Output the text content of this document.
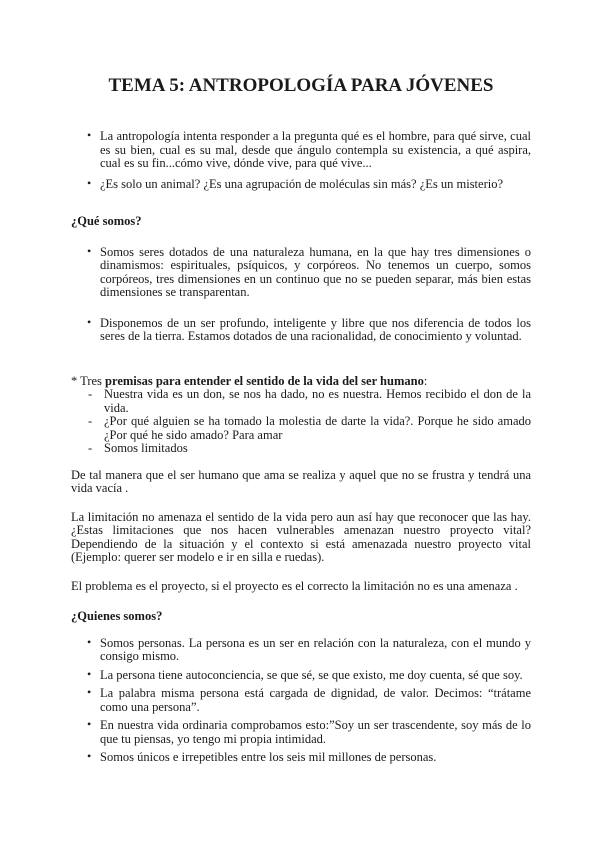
TEMA 5: ANTROPOLOGÍA PARA JÓVENES
• La antropología intenta responder a la pregunta qué es el hombre, para qué sirve, cual es su bien, cual es su mal, desde que ángulo contempla su existencia, a qué aspira, cual es su fin...cómo vive, dónde vive, para qué vive...
• ¿Es solo un animal? ¿Es una agrupación de moléculas sin más? ¿Es un misterio?
¿Qué somos?
• Somos seres dotados de una naturaleza humana, en la que hay tres dimensiones o dinamismos: espirituales, psíquicos, y corpóreos. No tenemos un cuerpo, somos corpóreos, tres dimensiones en un continuo que no se pueden separar, más bien estas dimensiones se transparentan.
• Disponemos de un ser profundo, inteligente y libre que nos diferencia de todos los seres de la tierra. Estamos dotados de una racionalidad, de conocimiento y voluntad.

* Tres premisas para entender el sentido de la vida del ser humano:

- Nuestra vida es un don, se nos ha dado, no es nuestra. Hemos recibido el don de la vida.
- ¿Por qué alguien se ha tomado la molestia de darte la vida?. Porque he sido amado ¿Por qué he sido amado? Para amar
- Somos limitados

De tal manera que el ser humano que ama se realiza y aquel que no se frustra y tendrá una vida vacía .

La limitación no amenaza el sentido de la vida pero aun así hay que reconocer que las hay. ¿Estas limitaciones que nos hacen vulnerables amenazan nuestro proyecto vital? Dependiendo de la situación y el contexto si está amenazada nuestro proyecto vital (Ejemplo: querer ser modelo e ir en silla e ruedas).

El problema es el proyecto, si el proyecto es el correcto la limitación no es una amenaza .

¿Quienes somos?
• Somos personas. La persona es un ser en relación con la naturaleza, con el mundo y consigo mismo.
• La persona tiene autoconciencia, se que sé, se que existo, me doy cuenta, sé que soy.
• La palabra misma persona está cargada de dignidad, de valor. Decimos: “trátame como una persona”.
• En nuestra vida ordinaria comprobamos esto:”Soy un ser trascendente, soy más de lo que tu piensas, yo tengo mi propia intimidad.
• Somos únicos e irrepetibles entre los seis mil millones de personas.
